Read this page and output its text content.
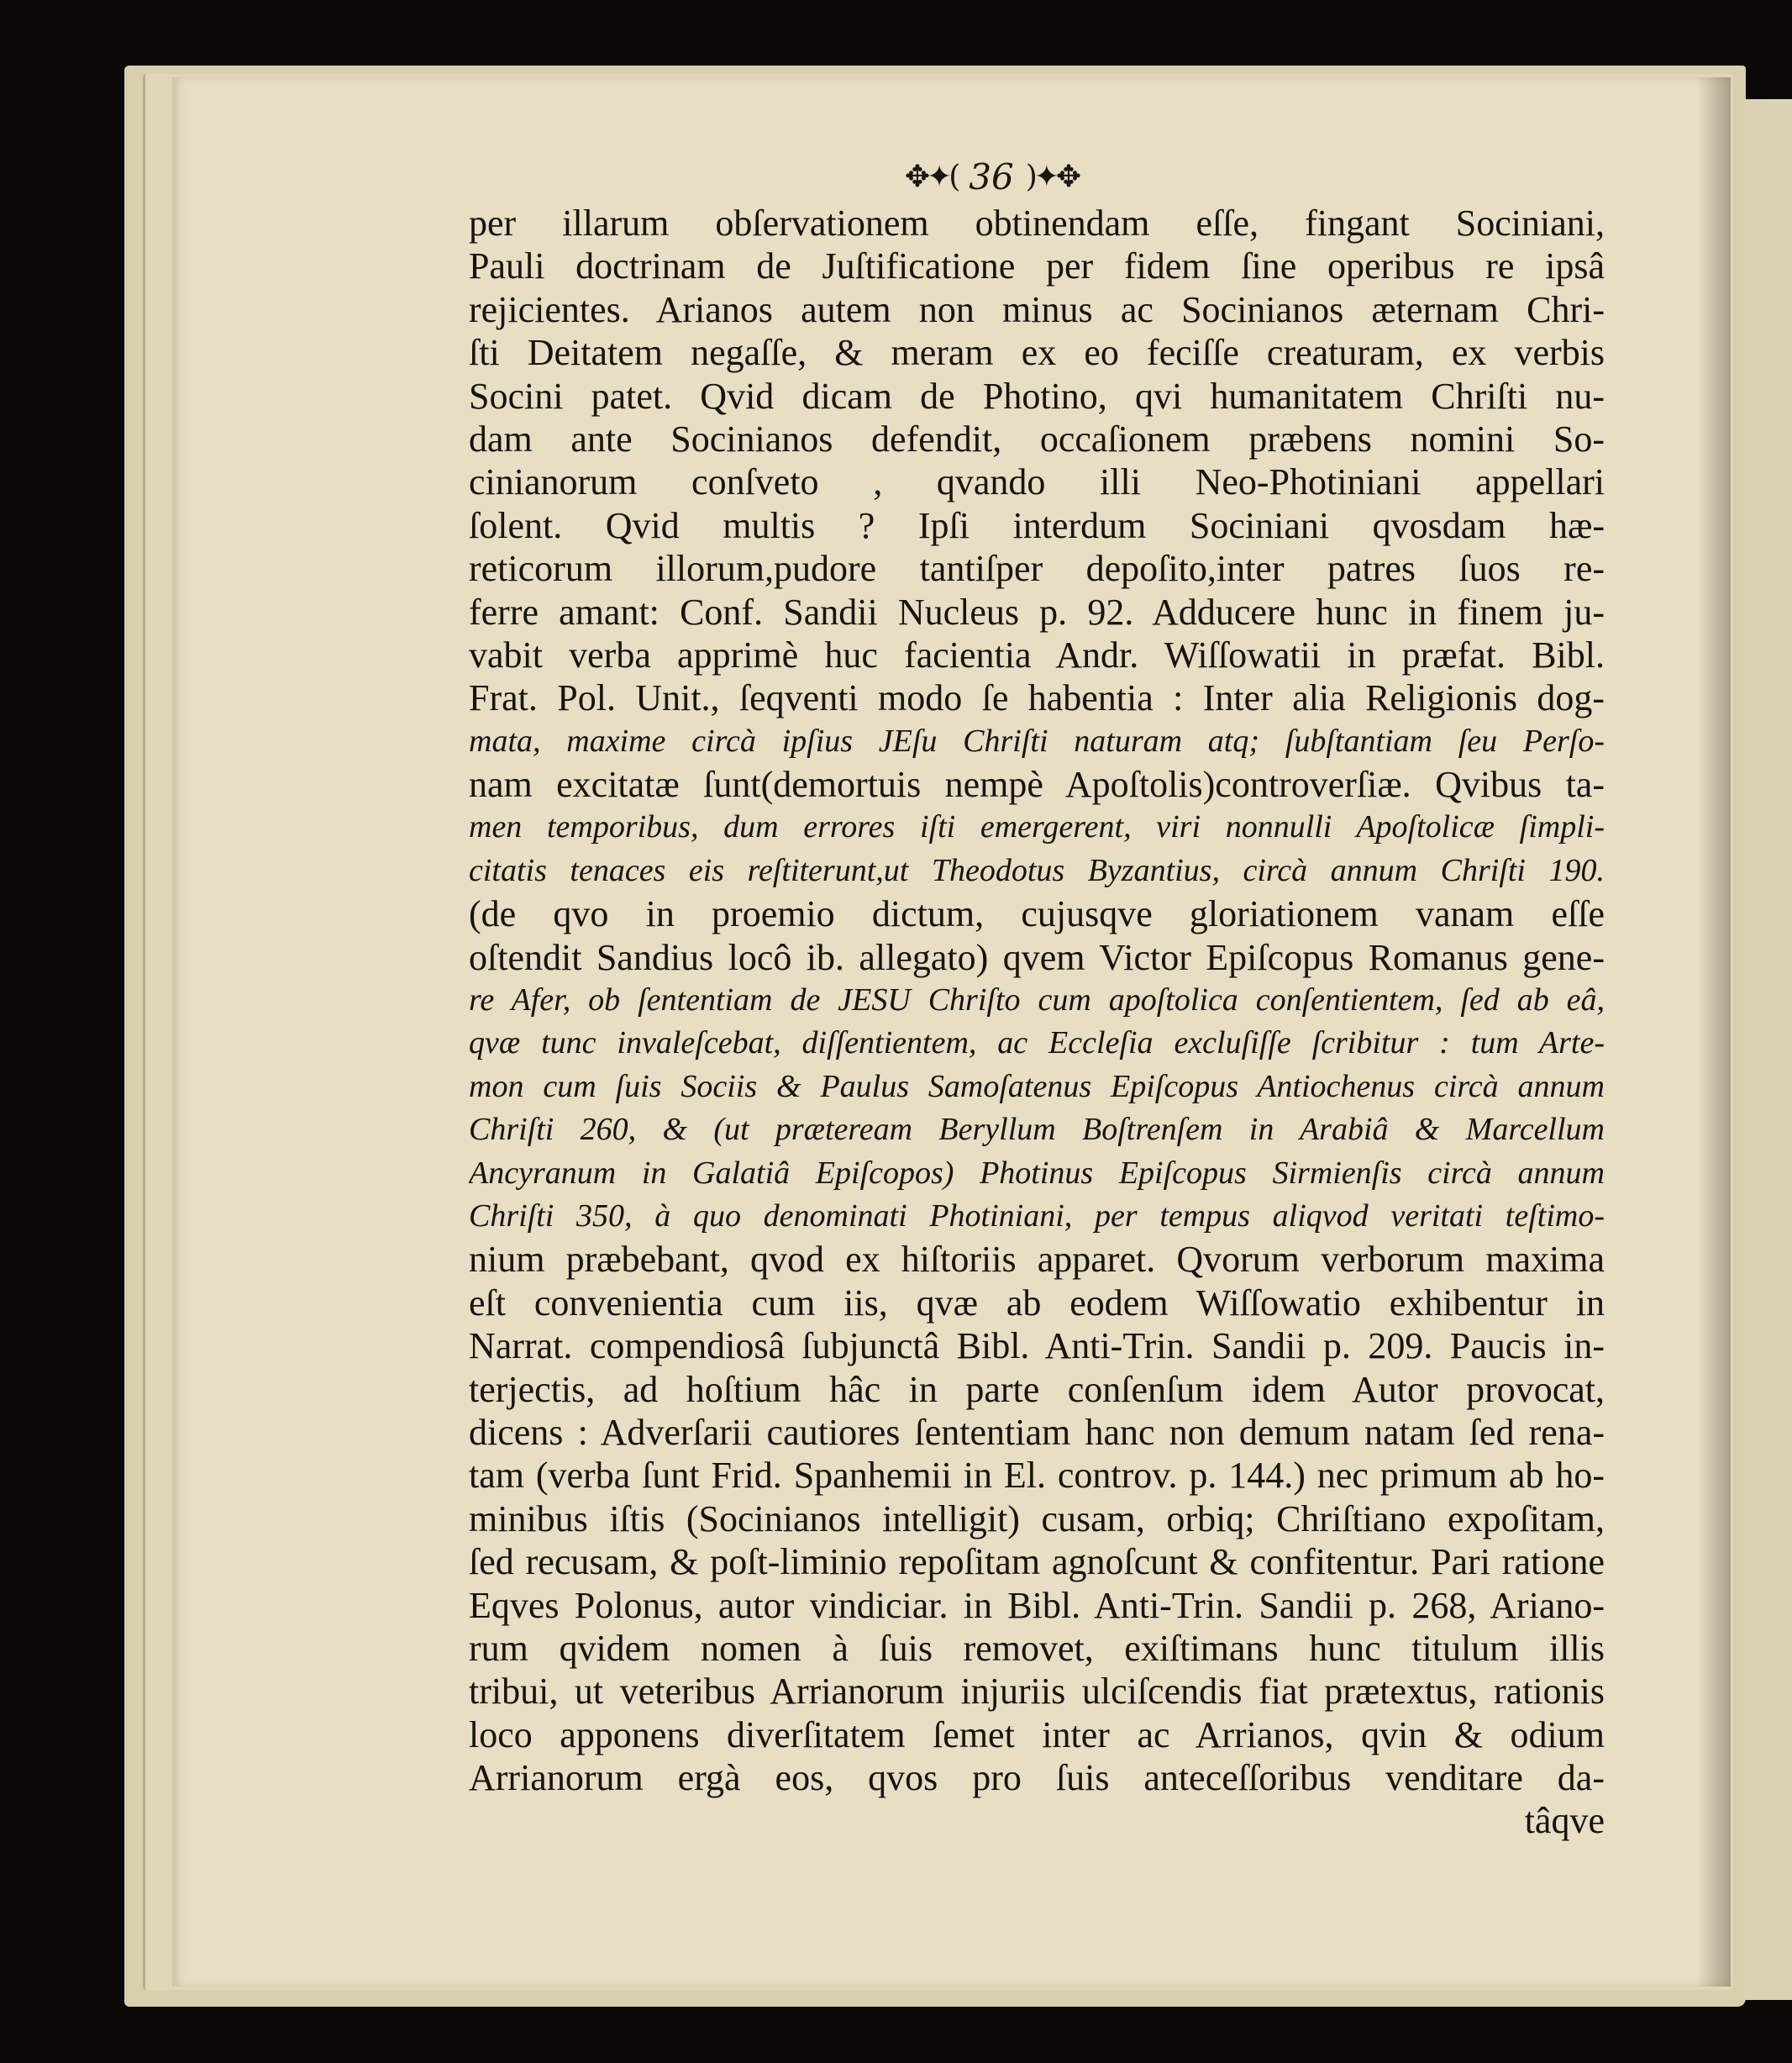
✥✦( 36 )✦✥
per illarum obſervationem obtinendam eſſe, fingant Sociniani,
Pauli doctrinam de Juſtificatione per fidem ſine operibus re ipsâ
rejicientes. Arianos autem non minus ac Socinianos æternam Chri-
ſti Deitatem negaſſe, & meram ex eo feciſſe creaturam, ex verbis
Socini patet. Qvid dicam de Photino, qvi humanitatem Chriſti nu-
dam ante Socinianos defendit, occaſionem præbens nomini So-
cinianorum conſveto , qvando illi Neo-Photiniani appellari
ſolent. Qvid multis ? Ipſi interdum Sociniani qvosdam hæ-
reticorum illorum,pudore tantiſper depoſito,inter patres ſuos re-
ferre amant: Conf. Sandii Nucleus p. 92. Adducere hunc in finem ju-
vabit verba apprimè huc facientia Andr. Wiſſowatii in præfat. Bibl.
Frat. Pol. Unit., ſeqventi modo ſe habentia : Inter alia Religionis dog-
mata, maxime circà ipſius JEſu Chriſti naturam atq; ſubſtantiam ſeu Perſo-
nam excitatæ ſunt(demortuis nempè Apoſtolis)controverſiæ. Qvibus ta-
men temporibus, dum errores iſti emergerent, viri nonnulli Apoſtolicæ ſimpli-
citatis tenaces eis reſtiterunt,ut Theodotus Byzantius, circà annum Chriſti 190.
(de qvo in proemio dictum, cujusqve gloriationem vanam eſſe
oſtendit Sandius locô ib. allegato) qvem Victor Epiſcopus Romanus gene-
re Afer, ob ſententiam de JESU Chriſto cum apoſtolica conſentientem, ſed ab eâ,
qvæ tunc invaleſcebat, diſſentientem, ac Eccleſia excluſiſſe ſcribitur : tum Arte-
mon cum ſuis Sociis & Paulus Samoſatenus Epiſcopus Antiochenus circà annum
Chriſti 260, & (ut præteream Beryllum Boſtrenſem in Arabiâ & Marcellum
Ancyranum in Galatiâ Epiſcopos) Photinus Epiſcopus Sirmienſis circà annum
Chriſti 350, à quo denominati Photiniani, per tempus aliqvod veritati teſtimo-
nium præbebant, qvod ex hiſtoriis apparet. Qvorum verborum maxima
eſt convenientia cum iis, qvæ ab eodem Wiſſowatio exhibentur in
Narrat. compendiosâ ſubjunctâ Bibl. Anti-Trin. Sandii p. 209. Paucis in-
terjectis, ad hoſtium hâc in parte conſenſum idem Autor provocat,
dicens : Adverſarii cautiores ſententiam hanc non demum natam ſed rena-
tam (verba ſunt Frid. Spanhemii in El. controv. p. 144.) nec primum ab ho-
minibus iſtis (Socinianos intelligit) cusam, orbiq; Chriſtiano expoſitam,
ſed recusam, & poſt-liminio repoſitam agnoſcunt & confitentur. Pari ratione
Eqves Polonus, autor vindiciar. in Bibl. Anti-Trin. Sandii p. 268, Ariano-
rum qvidem nomen à ſuis removet, exiſtimans hunc titulum illis
tribui, ut veteribus Arrianorum injuriis ulciſcendis fiat prætextus, rationis
loco apponens diverſitatem ſemet inter ac Arrianos, qvin & odium
Arrianorum ergà eos, qvos pro ſuis anteceſſoribus venditare da-
tâqve
